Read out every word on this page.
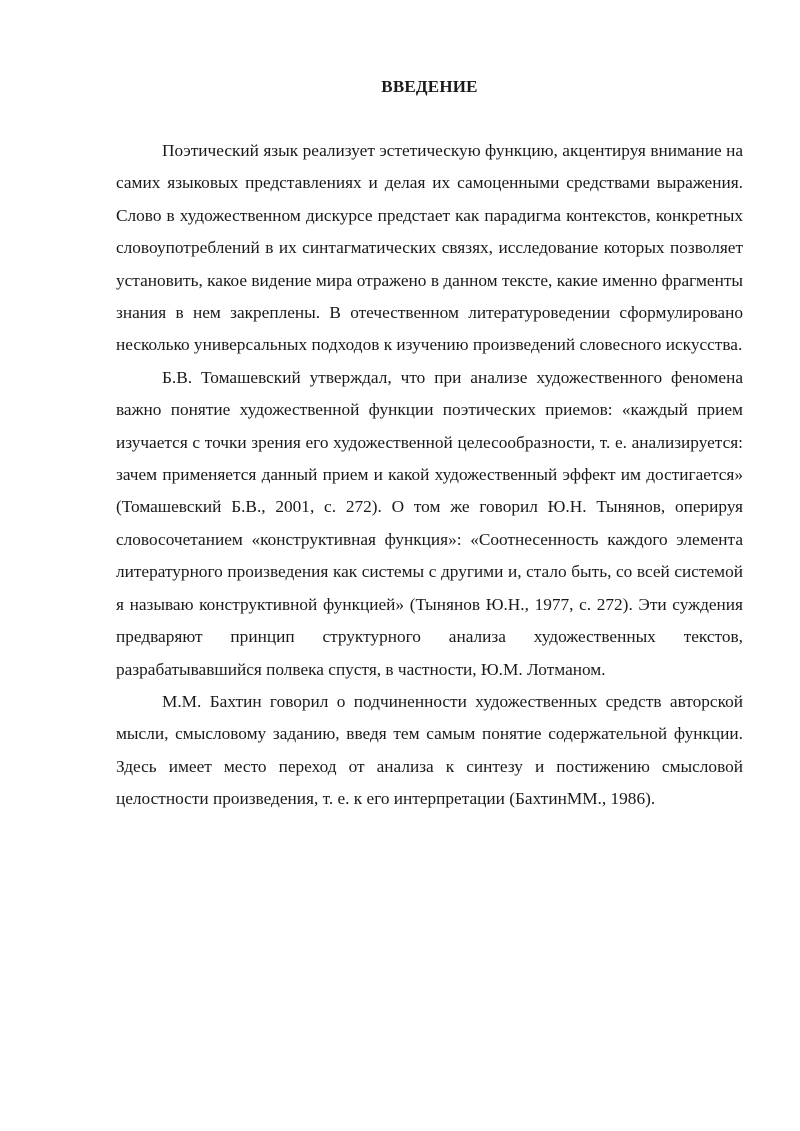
ВВЕДЕНИЕ

Поэтический язык реализует эстетическую функцию, акцентируя внимание на самих языковых представлениях и делая их самоценными средствами выражения. Слово в художественном дискурсе предстает как парадигма контекстов, конкретных словоупотреблений в их синтагматических связях, исследование которых позволяет установить, какое видение мира отражено в данном тексте, какие именно фрагменты знания в нем закреплены. В отечественном литературоведении сформулировано несколько универсальных подходов к изучению произведений словесного искусства.

Б.В. Томашевский утверждал, что при анализе художественного феномена важно понятие художественной функции поэтических приемов: «каждый прием изучается с точки зрения его художественной целесообразности, т. е. анализируется: зачем применяется данный прием и какой художественный эффект им достигается» (Томашевский Б.В., 2001, с. 272). О том же говорил Ю.Н. Тынянов, оперируя словосочетанием «конструктивная функция»: «Соотнесенность каждого элемента литературного произведения как системы с другими и, стало быть, со всей системой я называю конструктивной функцией» (Тынянов Ю.Н., 1977, с. 272). Эти суждения предваряют принцип структурного анализа художественных текстов, разрабатывавшийся полвека спустя, в частности, Ю.М. Лотманом.

М.М. Бахтин говорил о подчиненности художественных средств авторской мысли, смысловому заданию, введя тем самым понятие содержательной функции. Здесь имеет место переход от анализа к синтезу и постижению смысловой целостности произведения, т. е. к его интерпретации (БахтинММ., 1986).
